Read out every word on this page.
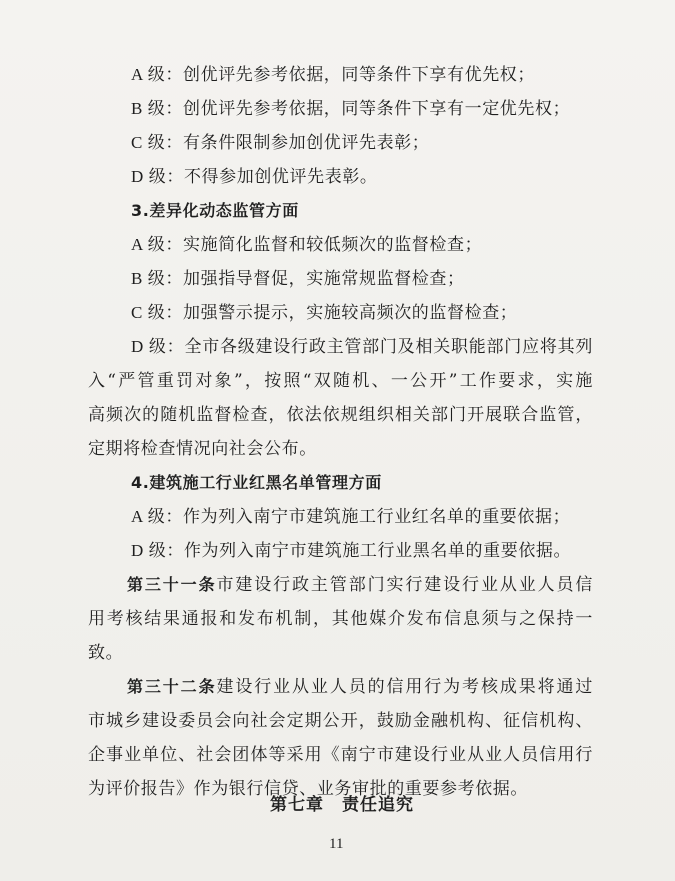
A 级：创优评先参考依据，同等条件下享有优先权；
B 级：创优评先参考依据，同等条件下享有一定优先权；
C 级：有条件限制参加创优评先表彰；
D 级：不得参加创优评先表彰。
3.差异化动态监管方面
A 级：实施简化监督和较低频次的监督检查；
B 级：加强指导督促，实施常规监督检查；
C 级：加强警示提示，实施较高频次的监督检查；
D 级：全市各级建设行政主管部门及相关职能部门应将其列
入“严管重罚对象”，按照“双随机、一公开”工作要求，实施
高频次的随机监督检查，依法依规组织相关部门开展联合监管，
定期将检查情况向社会公布。
4.建筑施工行业红黑名单管理方面
A 级：作为列入南宁市建筑施工行业红名单的重要依据；
D 级：作为列入南宁市建筑施工行业黑名单的重要依据。
第三十一条市建设行政主管部门实行建设行业从业人员信
用考核结果通报和发布机制，其他媒介发布信息须与之保持一
致。
第三十二条建设行业从业人员的信用行为考核成果将通过
市城乡建设委员会向社会定期公开，鼓励金融机构、征信机构、
企事业单位、社会团体等采用《南宁市建设行业从业人员信用行
为评价报告》作为银行信贷、业务审批的重要参考依据。
第七章　责任追究
11
